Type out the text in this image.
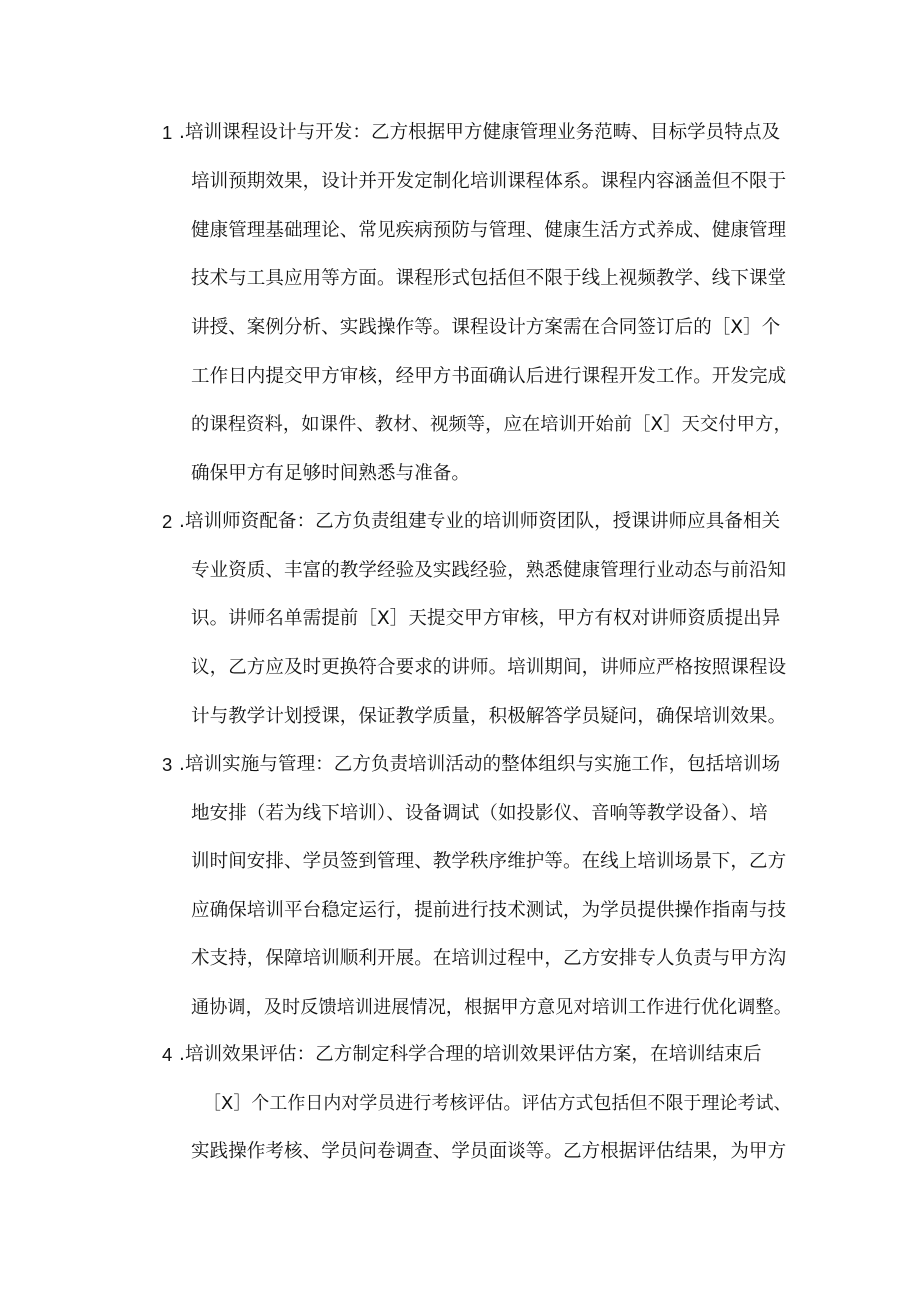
1 .培训课程设计与开发：乙方根据甲方健康管理业务范畴、目标学员特点及
培训预期效果，设计并开发定制化培训课程体系。课程内容涵盖但不限于
健康管理基础理论、常见疾病预防与管理、健康生活方式养成、健康管理
技术与工具应用等方面。课程形式包括但不限于线上视频教学、线下课堂
讲授、案例分析、实践操作等。课程设计方案需在合同签订后的［X］个
工作日内提交甲方审核，经甲方书面确认后进行课程开发工作。开发完成
的课程资料，如课件、教材、视频等，应在培训开始前［X］天交付甲方，
确保甲方有足够时间熟悉与准备。
2 .培训师资配备：乙方负责组建专业的培训师资团队，授课讲师应具备相关
专业资质、丰富的教学经验及实践经验，熟悉健康管理行业动态与前沿知
识。讲师名单需提前［X］天提交甲方审核，甲方有权对讲师资质提出异
议，乙方应及时更换符合要求的讲师。培训期间，讲师应严格按照课程设
计与教学计划授课，保证教学质量，积极解答学员疑问，确保培训效果。
3 .培训实施与管理：乙方负责培训活动的整体组织与实施工作，包括培训场
地安排（若为线下培训）、设备调试（如投影仪、音响等教学设备）、培
训时间安排、学员签到管理、教学秩序维护等。在线上培训场景下，乙方
应确保培训平台稳定运行，提前进行技术测试，为学员提供操作指南与技
术支持，保障培训顺利开展。在培训过程中，乙方安排专人负责与甲方沟
通协调，及时反馈培训进展情况，根据甲方意见对培训工作进行优化调整。
4 .培训效果评估：乙方制定科学合理的培训效果评估方案，在培训结束后
［X］个工作日内对学员进行考核评估。评估方式包括但不限于理论考试、
实践操作考核、学员问卷调查、学员面谈等。乙方根据评估结果，为甲方
